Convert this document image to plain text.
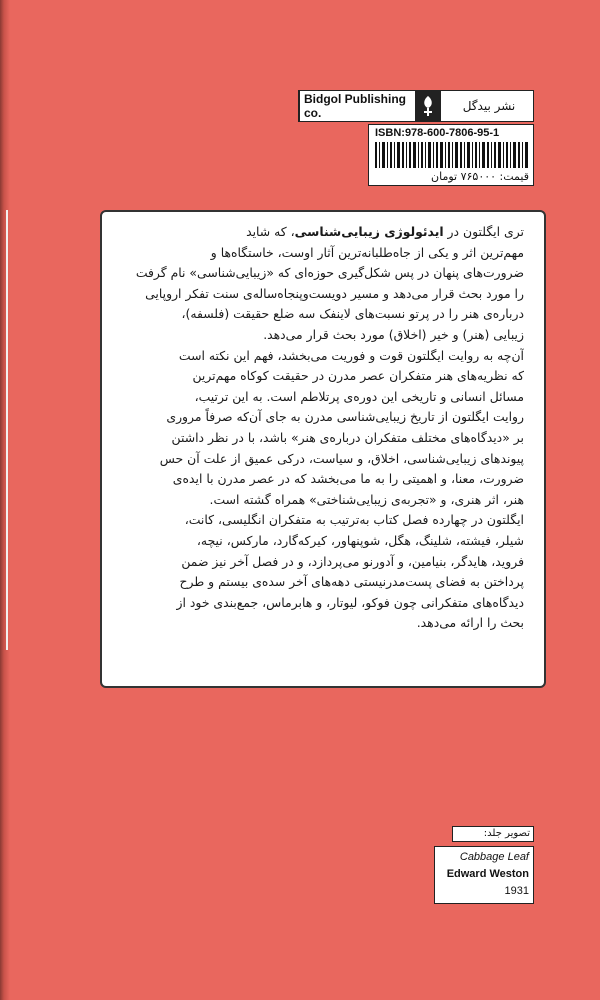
Bidgol Publishing co.	نشر بیدگل
ISBN:978-600-7806-95-1
قیمت: ۷۶۵۰۰۰ تومان
تری ایگلتون در ایدئولوژی زیبایی‌شناسی، که شاید
مهم‌ترین اثر و یکی از جاه‌طلبانه‌ترین آثار اوست، خاستگاه‌ها و
ضرورت‌های پنهان در پس شکل‌گیری حوزه‌ای که «زیبایی‌شناسی» نام گرفت
را مورد بحث قرار می‌دهد و مسیر دویست‌وپنجاه‌ساله‌ی سنت تفکر اروپایی
درباره‌ی هنر را در پرتو نسبت‌های لاینفک سه ضلع حقیقت (فلسفه)،
زیبایی (هنر) و خیر (اخلاق) مورد بحث قرار می‌دهد.
آن‌چه به روایت ایگلتون قوت و فوریت می‌بخشد، فهم این نکته است
که نظریه‌های هنر متفکران عصر مدرن در حقیقت کوکاه مهم‌ترین
مسائل انسانی و تاریخی این دوره‌ی پرتلاطم است. به این ترتیب،
روایت ایگلتون از تاریخ زیبایی‌شناسی مدرن به جای آن‌که صرفاً مروری
بر «دیدگاه‌های مختلف متفکران درباره‌ی هنر» باشد، با در نظر داشتن
پیوندهای زیبایی‌شناسی، اخلاق، و سیاست، درکی عمیق از علت آن حس
ضرورت، معنا، و اهمیتی را به ما می‌بخشد که در عصر مدرن با ایده‌ی
هنر، اثر هنری، و «تجربه‌ی زیبایی‌شناختی» همراه گشته است.
ایگلتون در چهارده فصل کتاب به‌ترتیب به متفکران انگلیسی، کانت،
شیلر، فیشته، شلینگ، هگل، شوپنهاور، کیرکه‌گارد، مارکس، نیچه،
فروید، هایدگر، بنیامین، و آدورنو می‌پردازد، و در فصل آخر نیز ضمن
پرداختن به فضای پست‌مدرنیستی دهه‌های آخر سده‌ی بیستم و طرح
دیدگاه‌های متفکرانی چون فوکو، لیوتار، و هابرماس، جمع‌بندی خود از
بحث را ارائه می‌دهد.
تصویر جلد:
Cabbage Leaf
Edward Weston
1931
